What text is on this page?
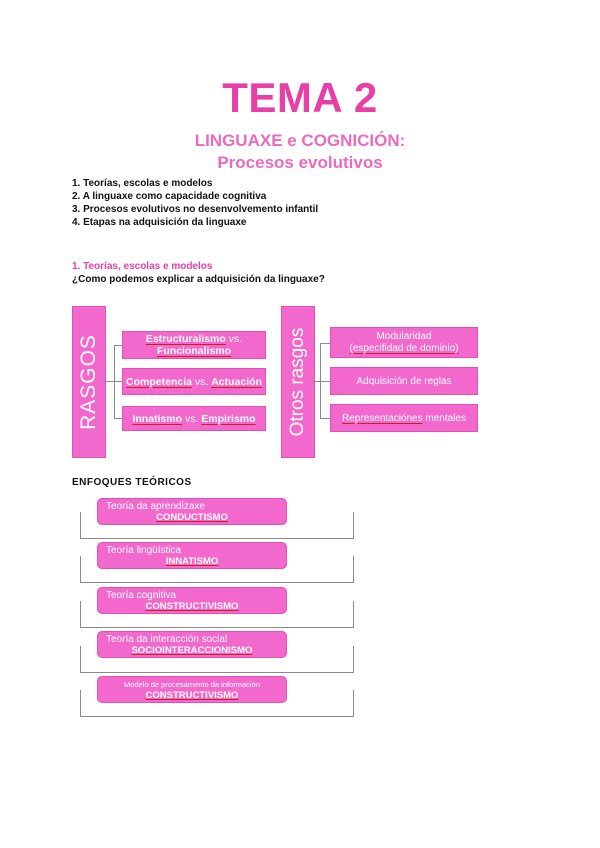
TEMA 2
LINGUAXE e COGNICIÓN:
Procesos evolutivos
1. Teorías, escolas e modelos
2. A linguaxe como capacidade cognitiva
3. Procesos evolutivos no desenvolvemento infantil
4. Etapas na adquisición da linguaxe
1. Teorías, escolas e modelos
¿Como podemos explicar a adquisición da linguaxe?
RASGOS	Estructuralismo vs.
Funcionalismo
Competencia vs. Actuación
Innatismo vs. Empirismo Otros rasgos	Modularidad
(especifidad de dominio)
Adquisición de reglas
Representaciónes mentales
ENFOQUES TEÓRICOS
Teoría da aprendizaxe
CONDUCTISMO
Teoría lingüística
INNATISMO
Teoría cognitiva
CONSTRUCTIVISMO
Teoría da interacción social
SOCIOINTERACCIONISMO
Modelo de procesamento da información
CONSTRUCTIVISMO
